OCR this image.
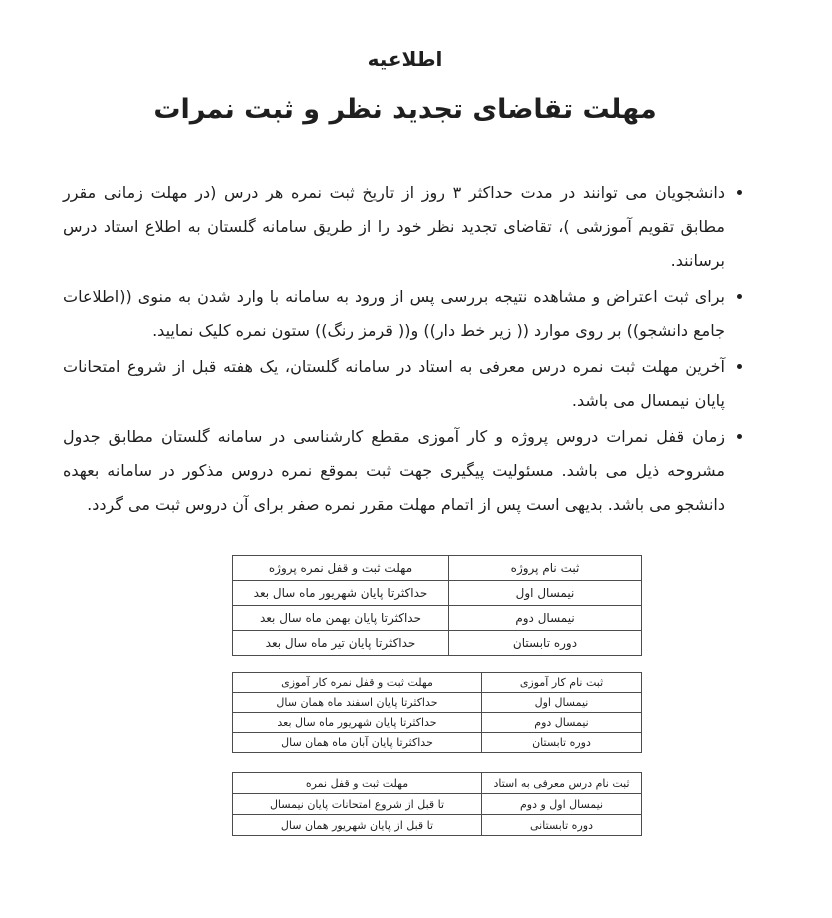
اطلاعیه
مهلت تقاضای تجدید نظر و ثبت نمرات
• دانشجویان می توانند در مدت حداکثر ۳ روز از تاریخ ثبت نمره هر درس (در مهلت زمانی مقرر مطابق تقویم آموزشی )، تقاضای تجدید نظر خود را از طریق سامانه گلستان به اطلاع استاد درس برسانند.
• برای ثبت اعتراض و مشاهده نتیجه بررسی پس از ورود به سامانه با وارد شدن به منوی ((اطلاعات جامع دانشجو)) بر روی موارد (( زیر خط دار)) و(( قرمز رنگ)) ستون نمره کلیک نمایید.
• آخرین مهلت ثبت نمره درس معرفی به استاد در سامانه گلستان، یک هفته قبل از شروع امتحانات پایان نیمسال می باشد.
• زمان قفل نمرات دروس پروژه و کار آموزی مقطع کارشناسی در سامانه گلستان مطابق جدول مشروحه ذیل می باشد. مسئولیت پیگیری جهت ثبت بموقع نمره دروس مذکور در سامانه بعهده دانشجو می باشد. بدیهی است پس از اتمام مهلت مقرر نمره صفر برای آن دروس ثبت می گردد.
ثبت نام پروژه	مهلت ثبت و قفل نمره پروژه
نیمسال اول	حداکثرتا پایان شهریور ماه سال بعد
نیمسال دوم	حداکثرتا پایان بهمن ماه سال بعد
دوره تابستان	حداکثرتا پایان تیر ماه سال بعد
ثبت نام کار آموزی	مهلت ثبت و قفل نمره کار آموزی
نیمسال اول	حداکثرتا پایان اسفند ماه همان سال
نیمسال دوم	حداکثرتا پایان شهریور ماه سال بعد
دوره تابستان	حداکثرتا پایان آبان ماه همان سال
ثبت نام درس معرفی به استاد	مهلت ثبت و قفل نمره
نیمسال اول و دوم	تا قبل از شروع امتحانات پایان نیمسال
دوره تابستانی	تا قبل از پایان شهریور همان سال
